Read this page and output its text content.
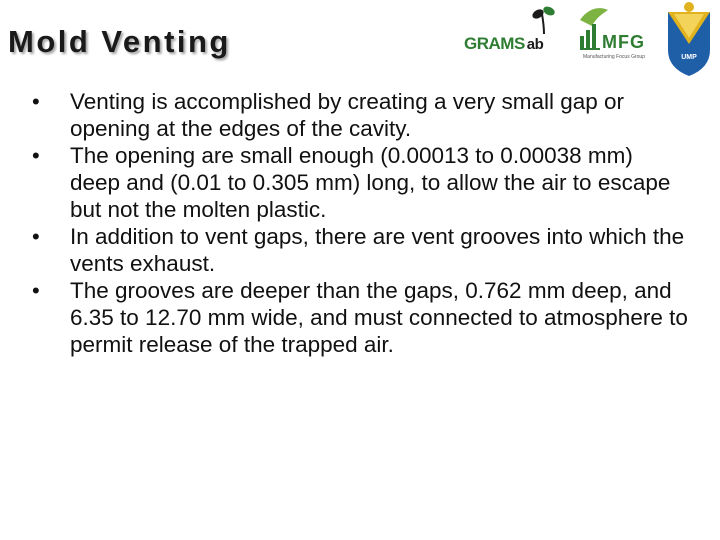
Mold Venting	GRAMS ab	MFG
Manufacturing Focus Group	UMP
• Venting is accomplished by creating a very small gap or opening at the edges of the cavity.
• The opening are small enough (0.00013 to 0.00038 mm) deep and (0.01 to 0.305 mm) long, to allow the air to escape but not the molten plastic.
• In addition to vent gaps, there are vent grooves into which the vents exhaust.
• The grooves are deeper than the gaps, 0.762 mm deep, and 6.35 to 12.70 mm wide, and must connected to atmosphere to permit release of the trapped air.
